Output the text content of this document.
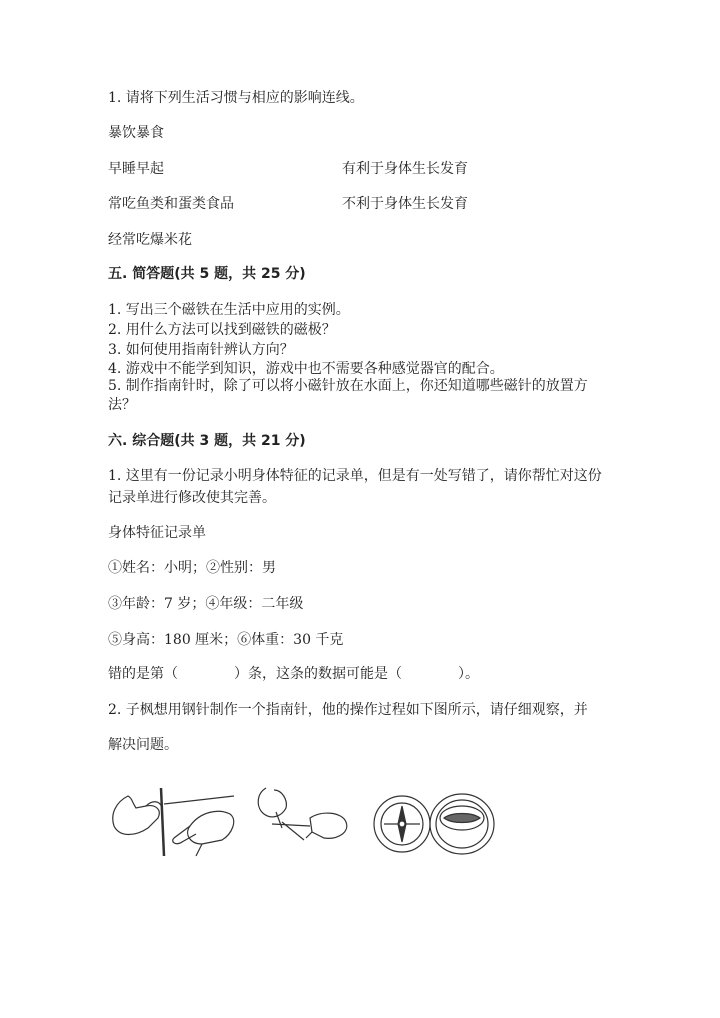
1. 请将下列生活习惯与相应的影响连线。
暴饮暴食
早睡早起	有利于身体生长发育
常吃鱼类和蛋类食品	不利于身体生长发育
经常吃爆米花
五. 简答题(共 5 题，共 25 分)
1. 写出三个磁铁在生活中应用的实例。
2. 用什么方法可以找到磁铁的磁极？
3. 如何使用指南针辨认方向？
4. 游戏中不能学到知识，游戏中也不需要各种感觉器官的配合。
5. 制作指南针时，除了可以将小磁针放在水面上，你还知道哪些磁针的放置方法？
六. 综合题(共 3 题，共 21 分)
1. 这里有一份记录小明身体特征的记录单，但是有一处写错了，请你帮忙对这份记录单进行修改使其完善。
身体特征记录单
①姓名：小明；②性别：男
③年龄：7 岁；④年级：二年级
⑤身高：180 厘米；⑥体重：30 千克
错的是第（　　　　）条，这条的数据可能是（　　　　）。
2. 子枫想用钢针制作一个指南针，他的操作过程如下图所示，请仔细观察，并
解决问题。
